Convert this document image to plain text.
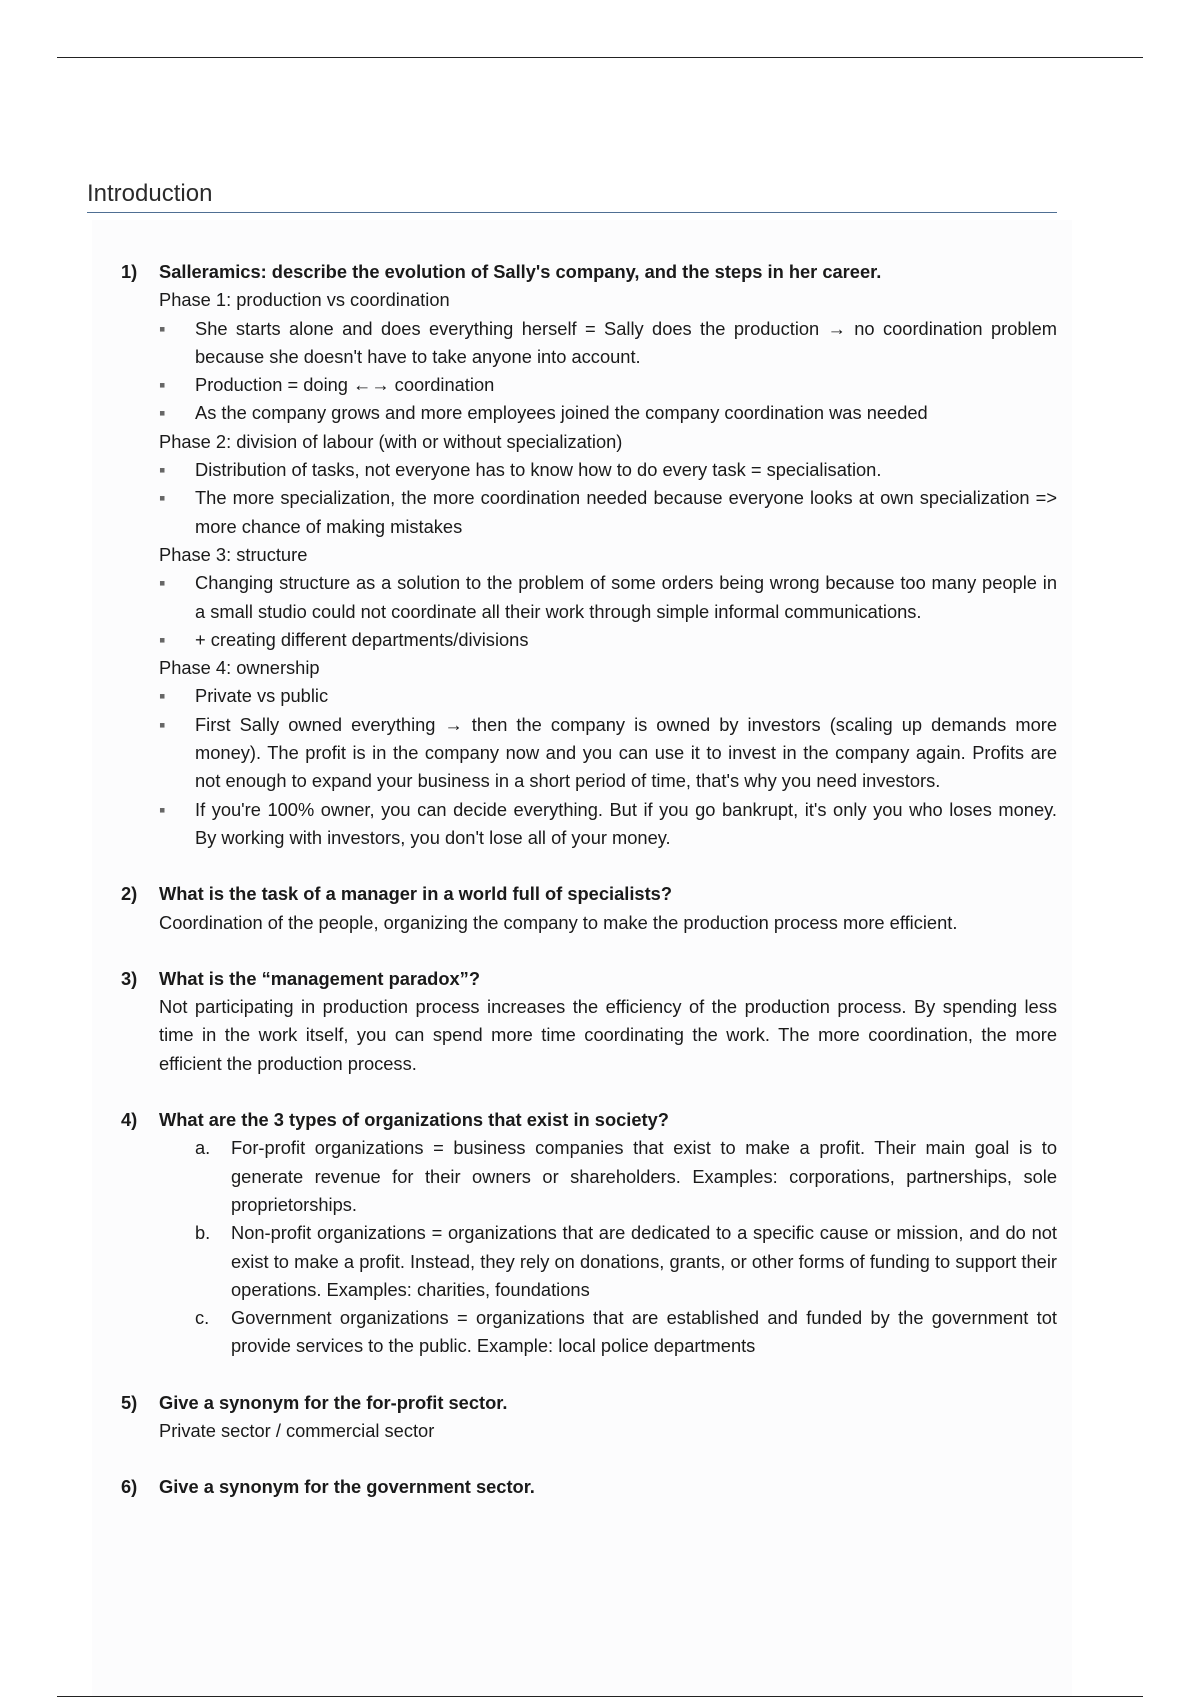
Introduction
1) Salleramics: describe the evolution of Sally's company, and the steps in her career.
Phase 1: production vs coordination
▪ She starts alone and does everything herself = Sally does the production → no coordination problem because she doesn't have to take anyone into account.
▪ Production = doing ←→ coordination
▪ As the company grows and more employees joined the company coordination was needed
Phase 2: division of labour (with or without specialization)
▪ Distribution of tasks, not everyone has to know how to do every task = specialisation.
▪ The more specialization, the more coordination needed because everyone looks at own specialization => more chance of making mistakes
Phase 3: structure
▪ Changing structure as a solution to the problem of some orders being wrong because too many people in a small studio could not coordinate all their work through simple informal communications.
▪ + creating different departments/divisions
Phase 4: ownership
▪ Private vs public
▪ First Sally owned everything → then the company is owned by investors (scaling up demands more money). The profit is in the company now and you can use it to invest in the company again. Profits are not enough to expand your business in a short period of time, that's why you need investors.
▪ If you're 100% owner, you can decide everything. But if you go bankrupt, it's only you who loses money. By working with investors, you don't lose all of your money.
2) What is the task of a manager in a world full of specialists?
Coordination of the people, organizing the company to make the production process more efficient.
3) What is the “management paradox”?
Not participating in production process increases the efficiency of the production process. By spending less time in the work itself, you can spend more time coordinating the work. The more coordination, the more efficient the production process.
4) What are the 3 types of organizations that exist in society?
a. For-profit organizations = business companies that exist to make a profit. Their main goal is to generate revenue for their owners or shareholders. Examples: corporations, partnerships, sole proprietorships.
b. Non-profit organizations = organizations that are dedicated to a specific cause or mission, and do not exist to make a profit. Instead, they rely on donations, grants, or other forms of funding to support their operations. Examples: charities, foundations
c. Government organizations = organizations that are established and funded by the government tot provide services to the public. Example: local police departments
5) Give a synonym for the for-profit sector.
Private sector / commercial sector
6) Give a synonym for the government sector.
